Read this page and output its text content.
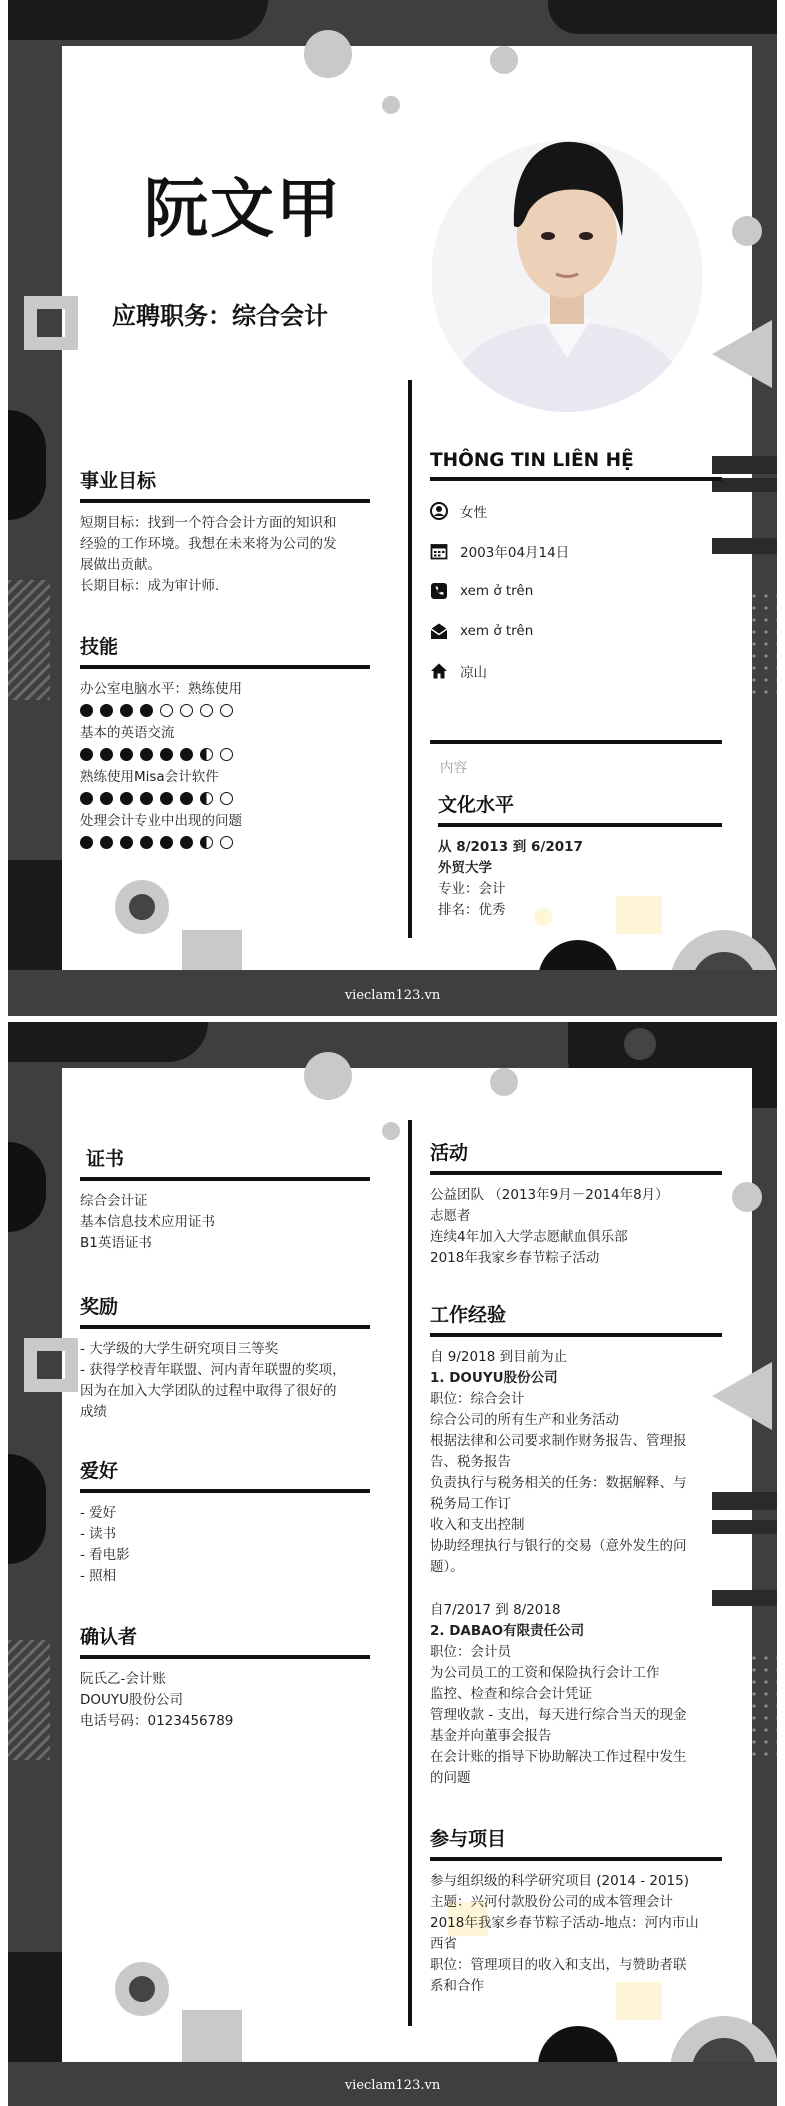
阮文甲
应聘职务：综合会计
事业目标
短期目标：找到一个符合会计方面的知识和
经验的工作环境。我想在未来将为公司的发
展做出贡献。
长期目标：成为审计师.
技能
办公室电脑水平：熟练使用
基本的英语交流
熟练使用Misa会计软件
处理会计专业中出现的问题
THÔNG TIN LIÊN HỆ
女性
2003年04月14日
xem ở trên
xem ở trên
凉山
内容
文化水平
从 8/2013 到 6/2017
外贸大学
专业：会计
排名：优秀
vieclam123.vn
证书
综合会计证
基本信息技术应用证书
B1英语证书
奖励
- 大学级的大学生研究项目三等奖
- 获得学校青年联盟、河内青年联盟的奖项，
因为在加入大学团队的过程中取得了很好的
成绩
爱好
- 爱好
- 读书
- 看电影
- 照相
确认者
阮氏乙-会计账
DOUYU股份公司
电话号码：0123456789
活动
公益团队 （2013年9月－2014年8月）
志愿者
连续4年加入大学志愿献血俱乐部
2018年我家乡春节粽子活动
工作经验
自 9/2018 到目前为止
1. DOUYU股份公司
职位：综合会计
综合公司的所有生产和业务活动
根据法律和公司要求制作财务报告、管理报
告、税务报告
负责执行与税务相关的任务：数据解释、与
税务局工作订
收入和支出控制
协助经理执行与银行的交易（意外发生的问
题）。
自7/2017 到 8/2018
2. DABAO有限责任公司
职位：会计员
为公司员工的工资和保险执行会计工作
监控、检查和综合会计凭证
管理收款 - 支出，每天进行综合当天的现金
基金并向董事会报告
在会计账的指导下协助解决工作过程中发生
的问题
参与项目
参与组织级的科学研究项目 (2014 - 2015)
主题：兴河付款股份公司的成本管理会计
2018年我家乡春节粽子活动-地点：河内市山
西省
职位：管理项目的收入和支出，与赞助者联
系和合作
vieclam123.vn
